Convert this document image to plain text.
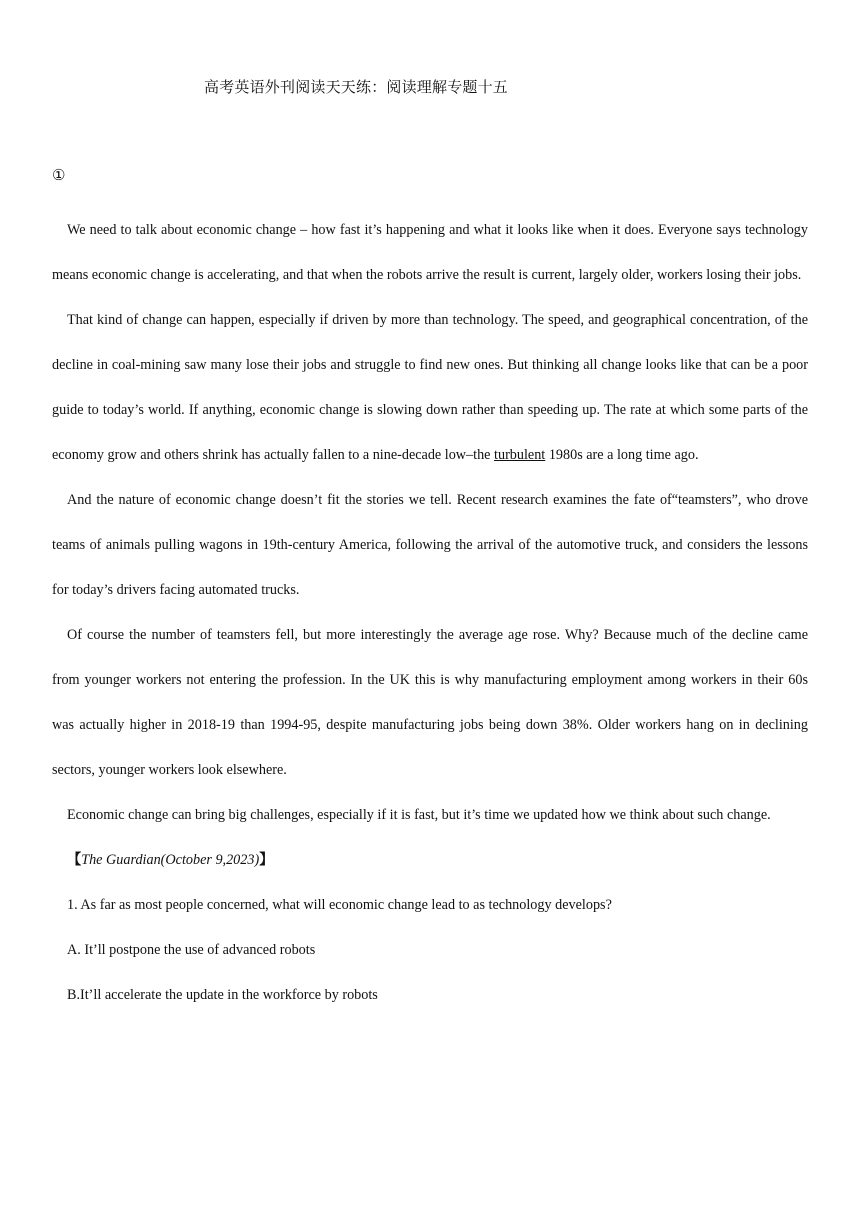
高考英语外刊阅读天天练：阅读理解专题十五
①

We need to talk about economic change – how fast it’s happening and what it looks like when it does. Everyone says technology means economic change is accelerating, and that when the robots arrive the result is current, largely older, workers losing their jobs.

That kind of change can happen, especially if driven by more than technology. The speed, and geographical concentration, of the decline in coal-mining saw many lose their jobs and struggle to find new ones. But thinking all change looks like that can be a poor guide to today’s world. If anything, economic change is slowing down rather than speeding up. The rate at which some parts of the economy grow and others shrink has actually fallen to a nine-decade low–the turbulent 1980s are a long time ago.

And the nature of economic change doesn’t fit the stories we tell. Recent research examines the fate of“teamsters”, who drove teams of animals pulling wagons in 19th-century America, following the arrival of the automotive truck, and considers the lessons for today’s drivers facing automated trucks.

Of course the number of teamsters fell, but more interestingly the average age rose. Why? Because much of the decline came from younger workers not entering the profession. In the UK this is why manufacturing employment among workers in their 60s was actually higher in 2018-19 than 1994-95, despite manufacturing jobs being down 38%. Older workers hang on in declining sectors, younger workers look elsewhere.

Economic change can bring big challenges, especially if it is fast, but it’s time we updated how we think about such change.

【The Guardian(October 9,2023)】

1. As far as most people concerned, what will economic change lead to as technology develops?

A. It’ll postpone the use of advanced robots

B.It’ll accelerate the update in the workforce by robots
